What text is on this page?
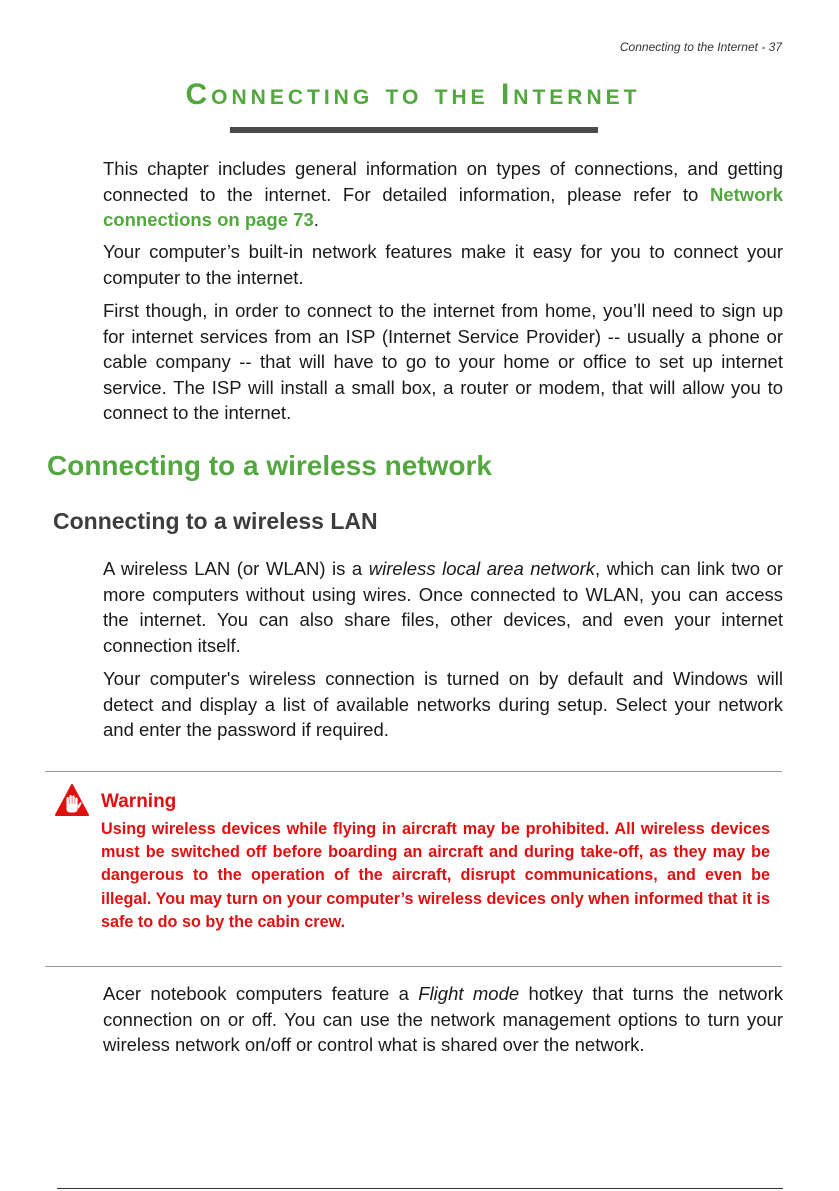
Connecting to the Internet - 37
Connecting to the Internet

This chapter includes general information on types of connections, and getting connected to the internet. For detailed information, please refer to Network connections on page 73.

Your computer’s built-in network features make it easy for you to connect your computer to the internet.

First though, in order to connect to the internet from home, you’ll need to sign up for internet services from an ISP (Internet Service Provider) -- usually a phone or cable company -- that will have to go to your home or office to set up internet service. The ISP will install a small box, a router or modem, that will allow you to connect to the internet.

Connecting to a wireless network
Connecting to a wireless LAN

A wireless LAN (or WLAN) is a wireless local area network, which can link two or more computers without using wires. Once connected to WLAN, you can access the internet. You can also share files, other devices, and even your internet connection itself.

Your computer's wireless connection is turned on by default and Windows will detect and display a list of available networks during setup. Select your network and enter the password if required.

Warning

Using wireless devices while flying in aircraft may be prohibited. All wireless devices must be switched off before boarding an aircraft and during take-off, as they may be dangerous to the operation of the aircraft, disrupt communications, and even be illegal. You may turn on your computer’s wireless devices only when informed that it is safe to do so by the cabin crew.

Acer notebook computers feature a Flight mode hotkey that turns the network connection on or off. You can use the network management options to turn your wireless network on/off or control what is shared over the network.
